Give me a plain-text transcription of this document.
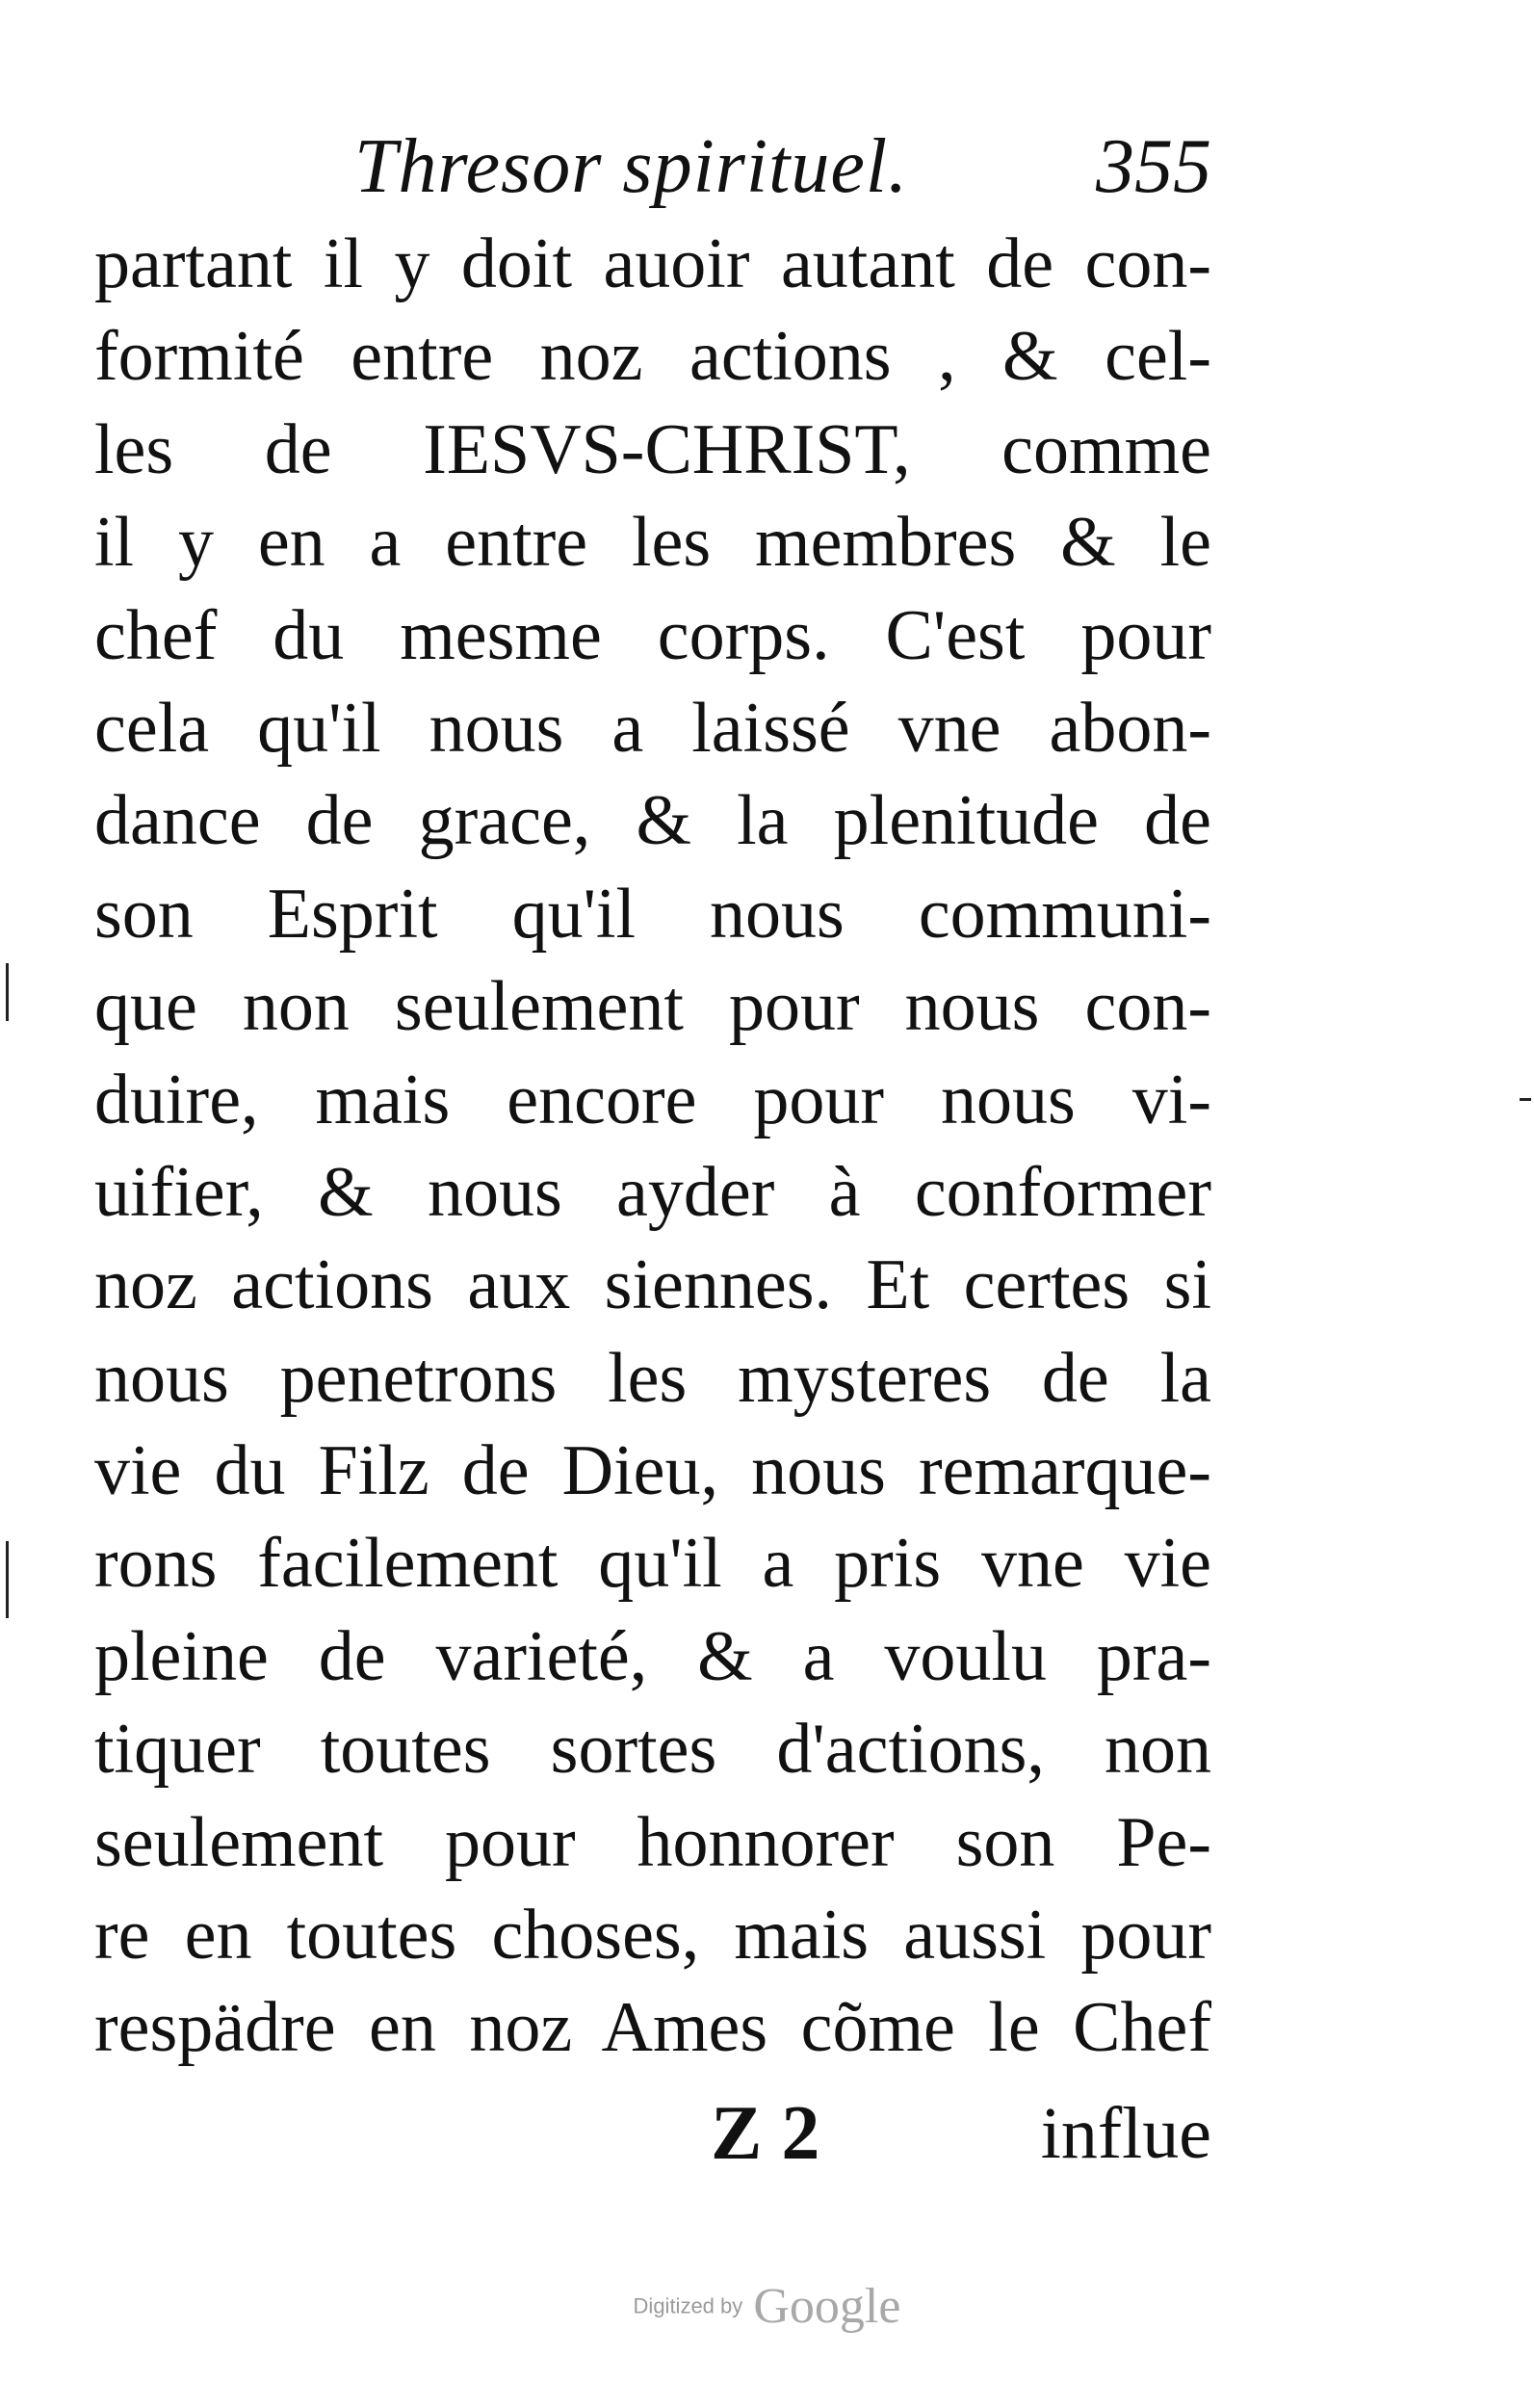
Thresor spirituel. 355
partant il y doit auoir autant de con-
formité entre noz actions , & cel-
les de IESVS-CHRIST, comme
il y en a entre les membres & le
chef du mesme corps. C'est pour
cela qu'il nous a laissé vne abon-
dance de grace, & la plenitude de
son Esprit qu'il nous communi-
que non seulement pour nous con-
duire, mais encore pour nous vi-
uifier, & nous ayder à conformer
noz actions aux siennes. Et certes si
nous penetrons les mysteres de la
vie du Filz de Dieu, nous remarque-
rons facilement qu'il a pris vne vie
pleine de varieté, & a voulu pra-
tiquer toutes sortes d'actions, non
seulement pour honnorer son Pe-
re en toutes choses, mais aussi pour
respädre en noz Ames cõme le Chef
Z 2	influe
Digitized by Google
